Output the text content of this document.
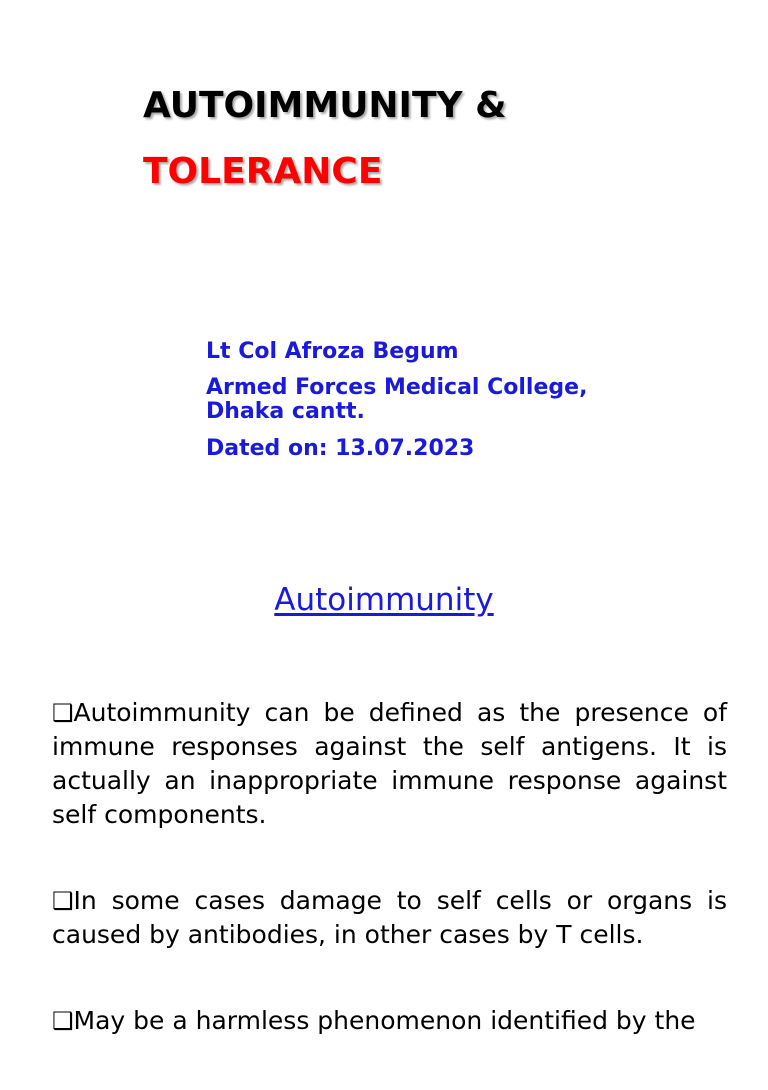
AUTOIMMUNITY &
TOLERANCE
Lt Col Afroza Begum
Armed Forces Medical College,
Dhaka cantt.
Dated on: 13.07.2023
Autoimmunity
❑Autoimmunity can be defined as the presence of immune responses against the self antigens. It is actually an inappropriate immune response against self components.
❑In some cases damage to self cells or organs is caused by antibodies, in other cases by T cells.
❑May be a harmless phenomenon identified by the
